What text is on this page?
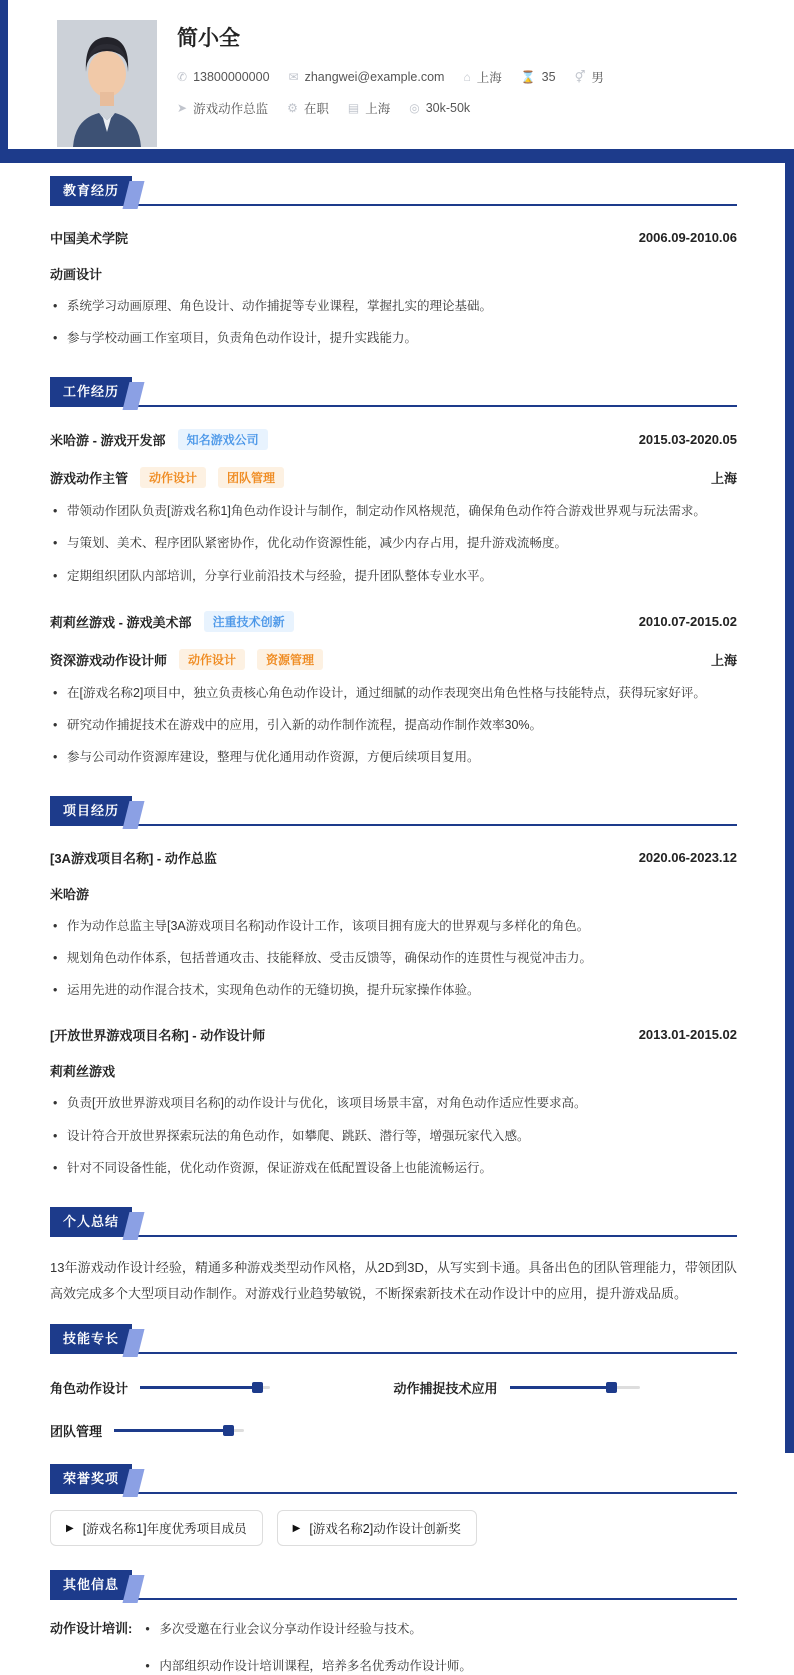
简小全
✆ 13800000000 ✉ zhangwei@example.com ⌂ 上海 ⌛ 35 ⚥ 男
➤ 游戏动作总监 ⚙ 在职 ▤ 上海 ◎ 30k-50k
教育经历
中国美术学院	2006.09-2010.06
动画设计
• 系统学习动画原理、角色设计、动作捕捉等专业课程，掌握扎实的理论基础。
• 参与学校动画工作室项目，负责角色动作设计，提升实践能力。
工作经历
米哈游 - 游戏开发部	知名游戏公司	2015.03-2020.05
游戏动作主管	动作设计	团队管理	上海
• 带领动作团队负责[游戏名称1]角色动作设计与制作，制定动作风格规范，确保角色动作符合游戏世界观与玩法需求。
• 与策划、美术、程序团队紧密协作，优化动作资源性能，减少内存占用，提升游戏流畅度。
• 定期组织团队内部培训，分享行业前沿技术与经验，提升团队整体专业水平。
莉莉丝游戏 - 游戏美术部	注重技术创新	2010.07-2015.02
资深游戏动作设计师	动作设计	资源管理	上海
• 在[游戏名称2]项目中，独立负责核心角色动作设计，通过细腻的动作表现突出角色性格与技能特点，获得玩家好评。
• 研究动作捕捉技术在游戏中的应用，引入新的动作制作流程，提高动作制作效率30%。
• 参与公司动作资源库建设，整理与优化通用动作资源，方便后续项目复用。
项目经历
[3A游戏项目名称] - 动作总监	2020.06-2023.12
米哈游
• 作为动作总监主导[3A游戏项目名称]动作设计工作，该项目拥有庞大的世界观与多样化的角色。
• 规划角色动作体系，包括普通攻击、技能释放、受击反馈等，确保动作的连贯性与视觉冲击力。
• 运用先进的动作混合技术，实现角色动作的无缝切换，提升玩家操作体验。
[开放世界游戏项目名称] - 动作设计师	2013.01-2015.02
莉莉丝游戏
• 负责[开放世界游戏项目名称]的动作设计与优化，该项目场景丰富，对角色动作适应性要求高。
• 设计符合开放世界探索玩法的角色动作，如攀爬、跳跃、潜行等，增强玩家代入感。
• 针对不同设备性能，优化动作资源，保证游戏在低配置设备上也能流畅运行。
个人总结
13年游戏动作设计经验，精通多种游戏类型动作风格，从2D到3D，从写实到卡通。具备出色的团队管理能力，带领团队高效完成多个大型项目动作制作。对游戏行业趋势敏锐，不断探索新技术在动作设计中的应用，提升游戏品质。
技能专长
角色动作设计	动作捕捉技术应用
团队管理
荣誉奖项
▶ [游戏名称1]年度优秀项目成员	▶ [游戏名称2]动作设计创新奖
其他信息
动作设计培训:	• 多次受邀在行业会议分享动作设计经验与技术。
• 内部组织动作设计培训课程，培养多名优秀动作设计师。
